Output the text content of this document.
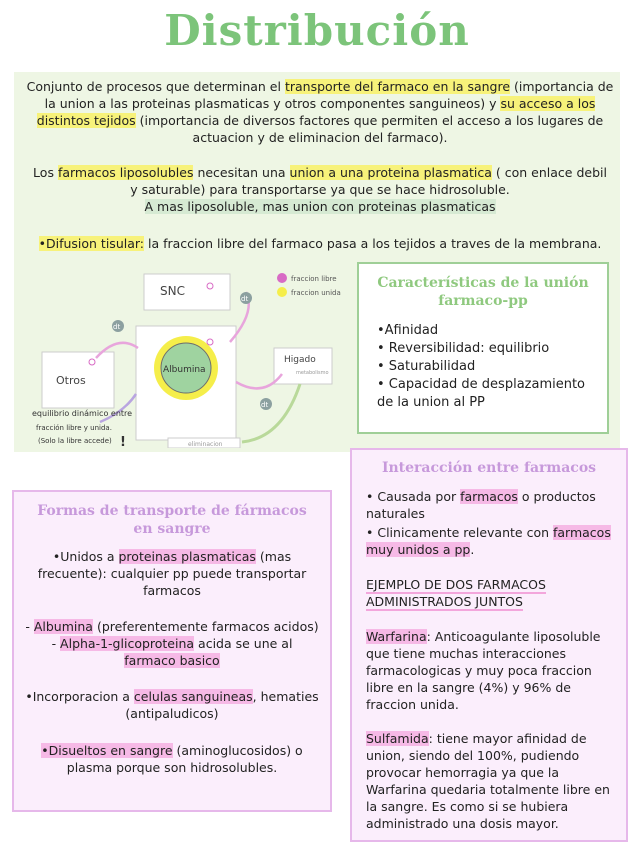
Distribución
Conjunto de procesos que determinan el transporte del farmaco en la sangre (importancia de la union a las proteinas plasmaticas y otros componentes sanguineos) y su acceso a los distintos tejidos (importancia de diversos factores que permiten el acceso a los lugares de actuacion y de eliminacion del farmaco).
Los farmacos liposolubles necesitan una union a una proteina plasmatica ( con enlace debil y saturable) para transportarse ya que se hace hidrosoluble.
A mas liposoluble, mas union con proteinas plasmaticas
•Difusion tisular: la fraccion libre del farmaco pasa a los tejidos a traves de la membrana.
fraccion libre
fraccion unida
SNC
Otros
Albumina
Higado
metabolismo
eliminacion
dt
dt
dt
equilibrio dinámico entre
fracción libre y unida.
(Solo la libre accede) !
Características de la unión
farmaco-pp
•Afinidad
• Reversibilidad: equilibrio
• Saturabilidad
• Capacidad de desplazamiento
de la union al PP
Formas de transporte de fármacos
en sangre
•Unidos a proteinas plasmaticas (mas frecuente): cualquier pp puede transportar farmacos
- Albumina (preferentemente farmacos acidos)
- Alpha-1-glicoproteina acida se une al farmaco basico
•Incorporacion a celulas sanguineas, hematies (antipaludicos)
•Disueltos en sangre (aminoglucosidos) o plasma porque son hidrosolubles.
Interacción entre farmacos
• Causada por farmacos o productos naturales
• Clinicamente relevante con farmacos muy unidos a pp.
EJEMPLO DE DOS FARMACOS ADMINISTRADOS JUNTOS
Warfarina: Anticoagulante liposoluble que tiene muchas interacciones farmacologicas y muy poca fraccion libre en la sangre (4%) y 96% de fraccion unida.
Sulfamida: tiene mayor afinidad de union, siendo del 100%, pudiendo provocar hemorragia ya que la Warfarina quedaria totalmente libre en la sangre. Es como si se hubiera administrado una dosis mayor.
